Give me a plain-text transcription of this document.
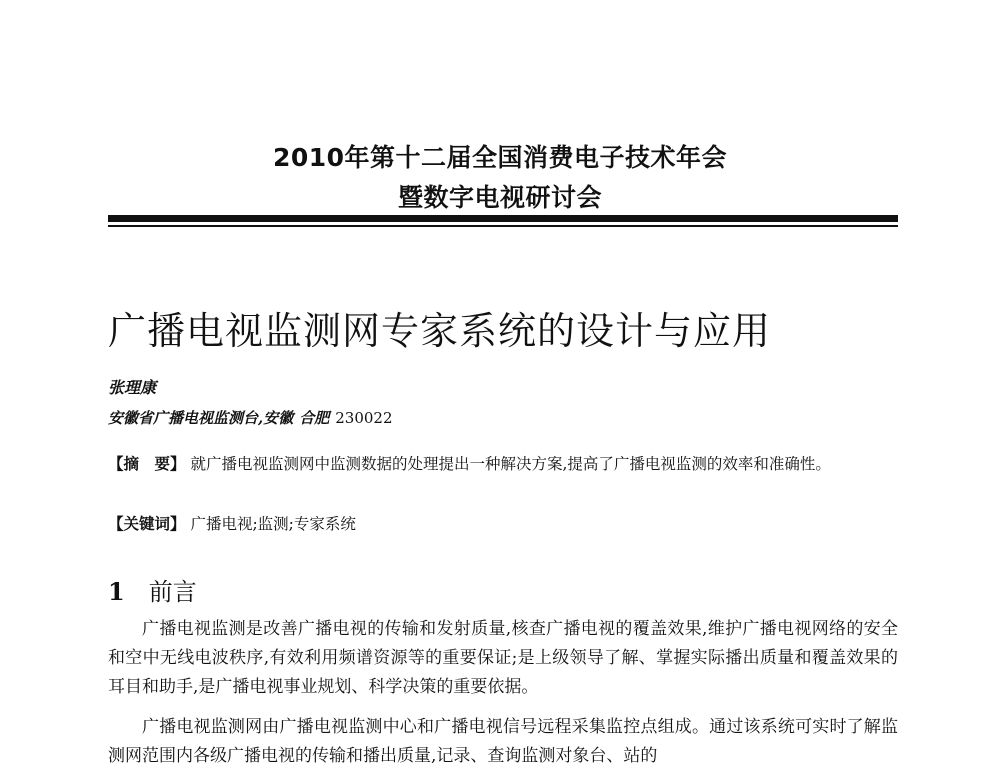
2010年第十二届全国消费电子技术年会
暨数字电视研讨会
广播电视监测网专家系统的设计与应用
张理康
安徽省广播电视监测台,安徽 合肥 230022
【摘　要】 就广播电视监测网中监测数据的处理提出一种解决方案,提高了广播电视监测的效率和准确性。
【关键词】 广播电视;监测;专家系统
1 前言
广播电视监测是改善广播电视的传输和发射质量,核查广播电视的覆盖效果,维护广播电视网络的安全和空中无线电波秩序,有效利用频谱资源等的重要保证;是上级领导了解、掌握实际播出质量和覆盖效果的耳目和助手,是广播电视事业规划、科学决策的重要依据。
广播电视监测网由广播电视监测中心和广播电视信号远程采集监控点组成。通过该系统可实时了解监测网范围内各级广播电视的传输和播出质量,记录、查询监测对象台、站的
